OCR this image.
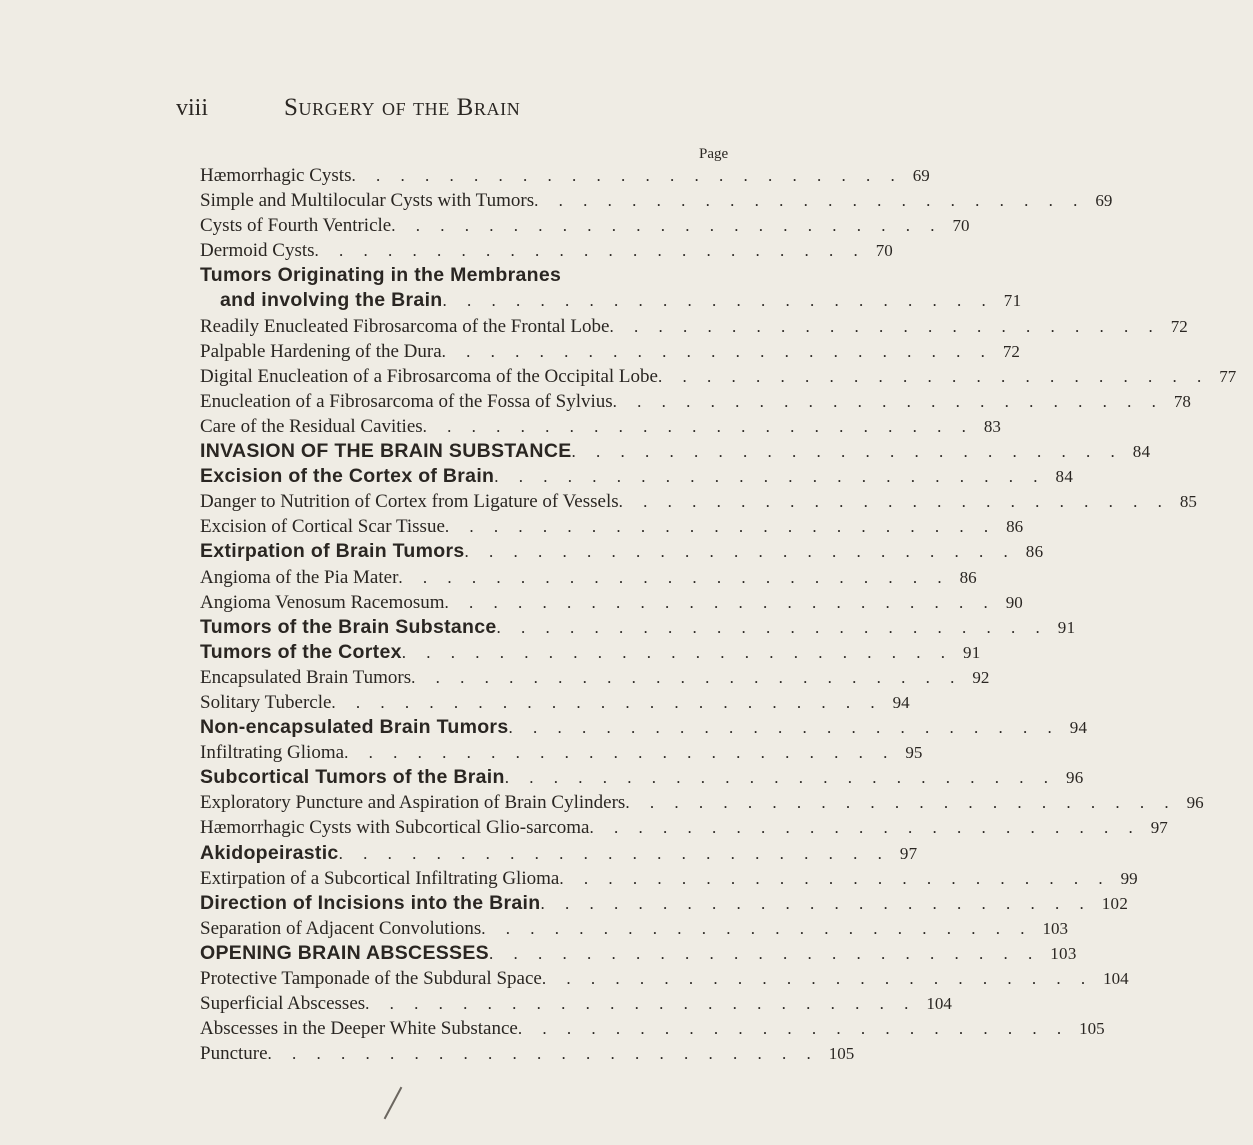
viii	Surgery of the Brain
Page
Hæmorrhagic Cysts . . . . . . . . . . . . . . . . . . . . . . . 69
Simple and Multilocular Cysts with Tumors . . . . . . . . . . . . . . . . . . . . . . . 69
Cysts of Fourth Ventricle . . . . . . . . . . . . . . . . . . . . . . . 70
Dermoid Cysts . . . . . . . . . . . . . . . . . . . . . . . 70
Tumors Originating in the Membranes
and involving the Brain . . . . . . . . . . . . . . . . . . . . . . . 71
Readily Enucleated Fibrosarcoma of the Frontal Lobe . . . . . . . . . . . . . . . . . . . . . . . 72
Palpable Hardening of the Dura . . . . . . . . . . . . . . . . . . . . . . . 72
Digital Enucleation of a Fibrosarcoma of the Occipital Lobe . . . . . . . . . . . . . . . . . . . . . . . 77
Enucleation of a Fibrosarcoma of the Fossa of Sylvius . . . . . . . . . . . . . . . . . . . . . . . 78
Care of the Residual Cavities . . . . . . . . . . . . . . . . . . . . . . . 83
INVASION OF THE BRAIN SUBSTANCE . . . . . . . . . . . . . . . . . . . . . . . 84
Excision of the Cortex of Brain . . . . . . . . . . . . . . . . . . . . . . . 84
Danger to Nutrition of Cortex from Ligature of Vessels . . . . . . . . . . . . . . . . . . . . . . . 85
Excision of Cortical Scar Tissue . . . . . . . . . . . . . . . . . . . . . . . 86
Extirpation of Brain Tumors . . . . . . . . . . . . . . . . . . . . . . . 86
Angioma of the Pia Mater . . . . . . . . . . . . . . . . . . . . . . . 86
Angioma Venosum Racemosum . . . . . . . . . . . . . . . . . . . . . . . 90
Tumors of the Brain Substance . . . . . . . . . . . . . . . . . . . . . . . 91
Tumors of the Cortex . . . . . . . . . . . . . . . . . . . . . . . 91
Encapsulated Brain Tumors . . . . . . . . . . . . . . . . . . . . . . . 92
Solitary Tubercle . . . . . . . . . . . . . . . . . . . . . . . 94
Non-encapsulated Brain Tumors . . . . . . . . . . . . . . . . . . . . . . . 94
Infiltrating Glioma . . . . . . . . . . . . . . . . . . . . . . . 95
Subcortical Tumors of the Brain . . . . . . . . . . . . . . . . . . . . . . . 96
Exploratory Puncture and Aspiration of Brain Cylinders . . . . . . . . . . . . . . . . . . . . . . . 96
Hæmorrhagic Cysts with Subcortical Glio-sarcoma . . . . . . . . . . . . . . . . . . . . . . . 97
Akidopeirastic . . . . . . . . . . . . . . . . . . . . . . . 97
Extirpation of a Subcortical Infiltrating Glioma . . . . . . . . . . . . . . . . . . . . . . . 99
Direction of Incisions into the Brain . . . . . . . . . . . . . . . . . . . . . . . 102
Separation of Adjacent Convolutions . . . . . . . . . . . . . . . . . . . . . . . 103
OPENING BRAIN ABSCESSES . . . . . . . . . . . . . . . . . . . . . . . 103
Protective Tamponade of the Subdural Space . . . . . . . . . . . . . . . . . . . . . . . 104
Superficial Abscesses . . . . . . . . . . . . . . . . . . . . . . . 104
Abscesses in the Deeper White Substance . . . . . . . . . . . . . . . . . . . . . . . 105
Puncture . . . . . . . . . . . . . . . . . . . . . . . 105
